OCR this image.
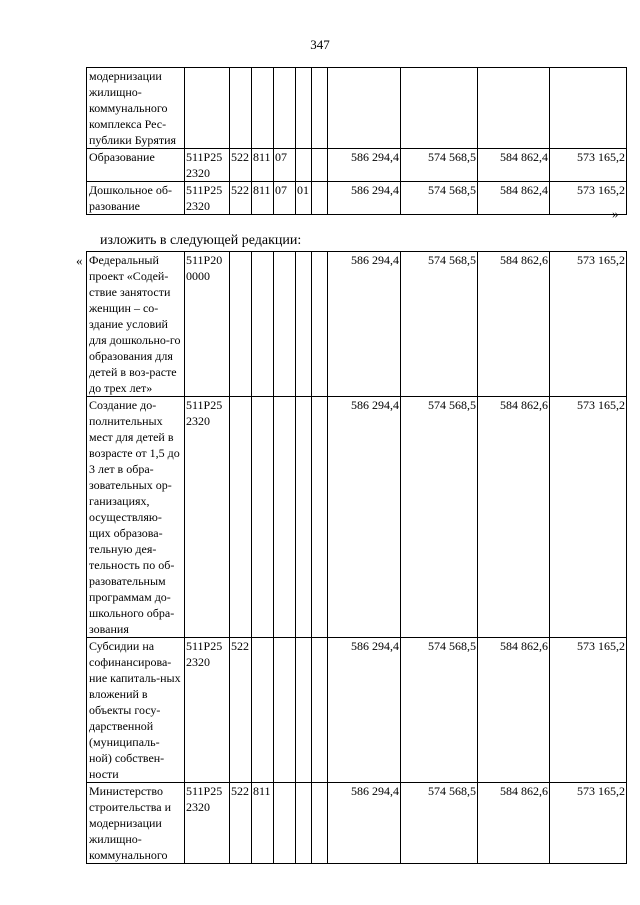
347
модернизации жилищно-коммунального комплекса Рес-публики Бурятия										
Образование	511Р25 2320	522	811	07			586 294,4	574 568,5	584 862,4	573 165,2
Дошкольное об-разование	511Р25 2320	522	811	07	01		586 294,4	574 568,5	584 862,4	573 165,2
»
изложить в следующей редакции:
« Федеральный проект «Содей-ствие занятости женщин – со-здание условий для дошкольно-го образования для детей в воз-расте до трех лет»	511Р20 0000						586 294,4	574 568,5	584 862,6	573 165,2
Создание до-полнительных мест для детей в возрасте от 1,5 до 3 лет в обра-зовательных ор-ганизациях, осуществляю-щих образова-тельную дея-тельность по об-разовательным программам до-школьного обра-зования	511Р25 2320						586 294,4	574 568,5	584 862,6	573 165,2
Субсидии на софинансирова-ние капиталь-ных вложений в объекты госу-дарственной (муниципаль-ной) собствен-ности	511Р25 2320	522					586 294,4	574 568,5	584 862,6	573 165,2
Министерство строительства и модернизации жилищно-коммунального	511Р25 2320	522	811				586 294,4	574 568,5	584 862,6	573 165,2
